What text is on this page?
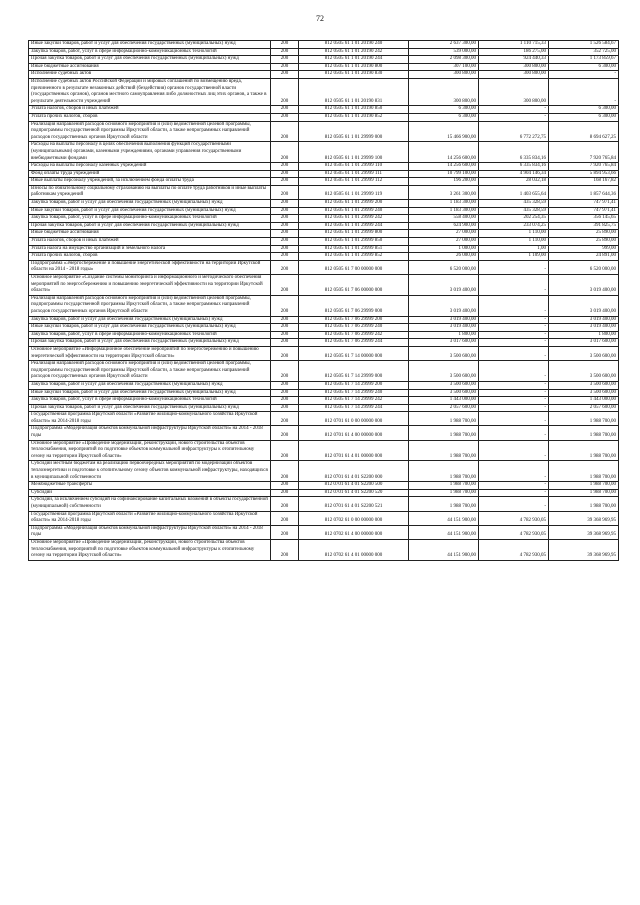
72
Иные закупки товаров, работ и услуг для обеспечения государственных (муниципальных) нужд	200	812 0505 61 1 01 20190 240	2 637 300,00	1 110 715,33	1 526 584,67
Закупка товаров, работ, услуг в сфере информационно-коммуникационных технологий	200	812 0505 61 1 01 20190 242	539 000,00	186 275,00	352 725,00
Прочая закупка товаров, работ и услуг для обеспечения государственных (муниципальных) нужд	200	812 0505 61 1 01 20190 244	2 098 300,00	924 440,33	1 173 859,67
Иные бюджетные ассигнования	200	812 0505 61 1 01 20190 800	307 100,00	300 800,00	6 300,00
Исполнение судебных актов	200	812 0505 61 1 01 20190 830	300 800,00	300 800,00	-
Исполнение судебных актов Российской Федерации и мировых соглашений по возмещению вреда, причиненного в результате незаконных действий (бездействия) органов государственной власти (государственных органов), органов местного самоуправления либо должностных лиц этих органов, а также в результате деятельности учреждений	200	812 0505 61 1 01 20190 831	300 800,00	300 800,00	-
Уплата налогов, сборов и иных платежей	200	812 0505 61 1 01 20190 850	6 300,00	-	6 300,00
Уплата прочих налогов, сборов	200	812 0505 61 1 01 20190 852	6 300,00	-	6 300,00
Реализация направлений расходов основного мероприятия и (или) ведомственной целевой программы, подпрограммы государственной программы Иркутской области, а также непрограммных направлений расходов государственных органов Иркутской области	200	812 0505 61 1 01 29999 000	15 466 900,00	6 772 272,75	8 694 627,25
Расходы на выплаты персоналу в целях обеспечения выполнения функций государственными (муниципальными) органами, казенными учреждениями, органами управления государственными внебюджетными фондами	200	812 0505 61 1 01 29999 100	14 256 600,00	6 335 834,16	7 920 765,84
Расходы на выплаты персоналу казенных учреждений	200	812 0505 61 1 01 29999 110	14 256 600,00	6 335 834,16	7 920 765,84
Фонд оплаты труда учреждений	200	812 0505 61 1 01 29999 111	10 799 100,00	4 904 146,34	5 894 953,66
Иные выплаты персоналу учреждений, за исключением фонда оплаты труда	200	812 0505 61 1 01 29999 112	196 200,00	28 032,18	168 167,82
Взносы по обязательному социальному страхованию на выплаты по оплате труда работников и иные выплаты работникам учреждений	200	812 0505 61 1 01 29999 119	3 261 300,00	1 403 655,64	1 857 644,36
Закупка товаров, работ и услуг для обеспечения государственных (муниципальных) нужд	200	812 0505 61 1 01 29999 200	1 183 300,00	435 328,59	747 971,41
Иные закупки товаров, работ и услуг для обеспечения государственных (муниципальных) нужд	200	812 0505 61 1 01 29999 240	1 183 300,00	435 328,59	747 971,41
Закупка товаров, работ, услуг в сфере информационно-коммуникационных технологий	200	812 0505 61 1 01 29999 242	558 400,00	202 254,35	356 145,65
Прочая закупка товаров, работ и услуг для обеспечения государственных (муниципальных) нужд	200	812 0505 61 1 01 29999 244	624 900,00	233 074,25	391 825,75
Иные бюджетные ассигнования	200	812 0505 61 1 01 29999 800	27 000,00	1 110,00	25 890,00
Уплата налогов, сборов и иных платежей	200	812 0505 61 1 01 29999 850	27 000,00	1 110,00	25 890,00
Уплата налога на имущество организаций и земельного налога	200	812 0505 61 1 01 29999 851	1 000,00	1,00	999,00
Уплата прочих налогов, сборов	200	812 0505 61 1 01 29999 852	26 000,00	1 109,00	24 891,00
Подпрограмма «Энергосбережение и повышение энергетической эффективности на территории Иркутской области на 2014 - 2018 годы»	200	812 0505 61 7 00 00000 000	6 520 000,00	-	6 520 000,00
Основное мероприятие «Создание системы мониторинга и информационного и методического обеспечения мероприятий по энергосбережению и повышению энергетической эффективности на территории Иркутской области»	200	812 0505 61 7 06 00000 000	3 019 400,00	-	3 019 400,00
Реализация направлений расходов основного мероприятия и (или) ведомственной целевой программы, подпрограммы государственной программы Иркутской области, а также непрограммных направлений расходов государственных органов Иркутской области	200	812 0505 61 7 06 29999 000	3 019 400,00	-	3 019 400,00
Закупка товаров, работ и услуг для обеспечения государственных (муниципальных) нужд	200	812 0505 61 7 06 29999 200	3 019 400,00	-	3 019 400,00
Иные закупки товаров, работ и услуг для обеспечения государственных (муниципальных) нужд	200	812 0505 61 7 06 29999 240	3 019 400,00	-	3 019 400,00
Закупка товаров, работ, услуг в сфере информационно-коммуникационных технологий	200	812 0505 61 7 06 29999 242	1 800,00	-	1 800,00
Прочая закупка товаров, работ и услуг для обеспечения государственных (муниципальных) нужд	200	812 0505 61 7 06 29999 244	3 017 600,00	-	3 017 600,00
Основное мероприятие «Информационное обеспечение мероприятий по энергосбережению и повышению энергетической эффективности на территории Иркутской области»	200	812 0505 61 7 14 00000 000	3 500 600,00	-	3 500 600,00
Реализация направлений расходов основного мероприятия и (или) ведомственной целевой программы, подпрограммы государственной программы Иркутской области, а также непрограммных направлений расходов государственных органов Иркутской области	200	812 0505 61 7 14 29999 000	3 500 600,00	-	3 500 600,00
Закупка товаров, работ и услуг для обеспечения государственных (муниципальных) нужд	200	812 0505 61 7 14 29999 200	3 500 600,00	-	3 500 600,00
Иные закупки товаров, работ и услуг для обеспечения государственных (муниципальных) нужд	200	812 0505 61 7 14 29999 240	3 500 600,00	-	3 500 600,00
Закупка товаров, работ, услуг в сфере информационно-коммуникационных технологий	200	812 0505 61 7 14 29999 242	1 443 000,00	-	1 443 000,00
Прочая закупка товаров, работ и услуг для обеспечения государственных (муниципальных) нужд	200	812 0505 61 7 14 29999 244	2 057 600,00	-	2 057 600,00
Государственная программа Иркутской области «Развитие жилищно-коммунального хозяйства Иркутской области» на 2014-2018 годы	200	812 0701 61 0 00 00000 000	1 988 700,00	-	1 988 700,00
Подпрограмма «Модернизация объектов коммунальной инфраструктуры Иркутской области» на 2014 - 2018 годы	200	812 0701 61 4 00 00000 000	1 988 700,00	-	1 988 700,00
Основное мероприятие «Проведение модернизации, реконструкции, нового строительства объектов теплоснабжения, мероприятий по подготовке объектов коммунальной инфраструктуры к отопительному сезону на территории Иркутской области»	200	812 0701 61 4 01 00000 000	1 988 700,00	-	1 988 700,00
Субсидии местным бюджетам на реализацию первоочередных мероприятий по модернизации объектов теплоэнергетики и подготовке к отопительному сезону объектов коммунальной инфраструктуры, находящихся в муниципальной собственности	200	812 0701 61 4 01 S2200 000	1 988 700,00	-	1 988 700,00
Межбюджетные трансферты	200	812 0701 61 4 01 S2200 500	1 988 700,00	-	1 988 700,00
Субсидии	200	812 0701 61 4 01 S2200 520	1 988 700,00	-	1 988 700,00
Субсидии, за исключением субсидий на софинансирование капитальных вложений в объекты государственной (муниципальной) собственности	200	812 0701 61 4 01 S2200 521	1 988 700,00	-	1 988 700,00
Государственная программа Иркутской области «Развитие жилищно-коммунального хозяйства Иркутской области» на 2014-2018 годы	200	812 0702 61 0 00 00000 000	44 151 900,00	4 782 930,05	39 368 969,95
Подпрограмма «Модернизация объектов коммунальной инфраструктуры Иркутской области» на 2014 - 2018 годы	200	812 0702 61 4 00 00000 000	44 151 900,00	4 782 930,05	39 368 969,95
Основное мероприятие «Проведение модернизации, реконструкции, нового строительства объектов теплоснабжения, мероприятий по подготовке объектов коммунальной инфраструктуры к отопительному сезону на территории Иркутской области»	200	812 0702 61 4 01 00000 000	44 151 900,00	4 782 930,05	39 368 969,95
